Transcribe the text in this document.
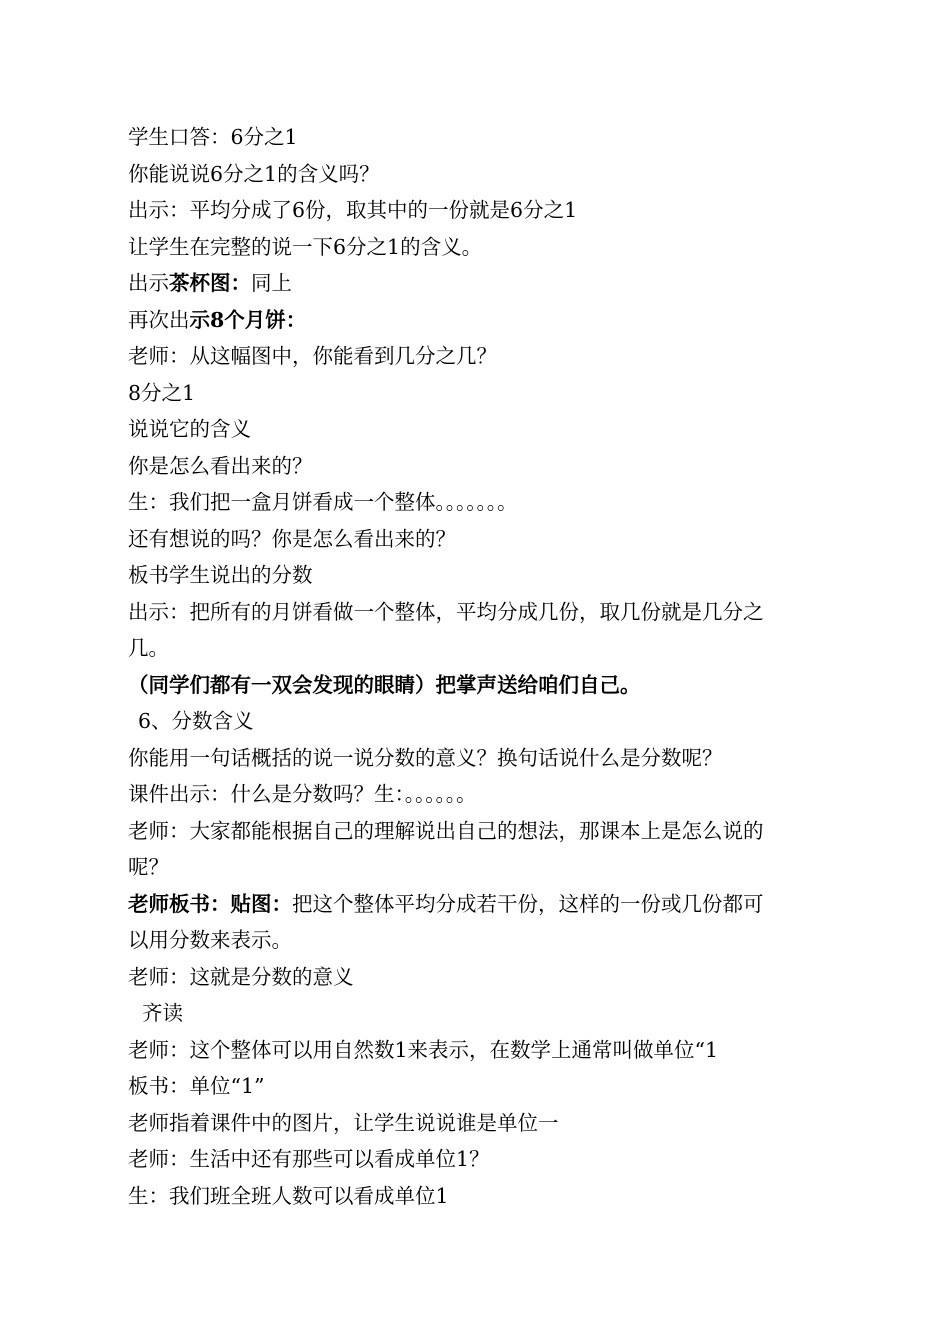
学生口答：6分之1
你能说说6分之1的含义吗？
出示：平均分成了6份，取其中的一份就是6分之1
让学生在完整的说一下6分之1的含义。
出示茶杯图：同上
再次出示8个月饼：
老师：从这幅图中，你能看到几分之几？
8分之1
说说它的含义
你是怎么看出来的？
生：我们把一盒月饼看成一个整体。。。。。。。
还有想说的吗？你是怎么看出来的？
板书学生说出的分数
出示：把所有的月饼看做一个整体，平均分成几份，取几份就是几分之
几。
（同学们都有一双会发现的眼睛）把掌声送给咱们自己。
6、分数含义
你能用一句话概括的说一说分数的意义？换句话说什么是分数呢？
课件出示：什么是分数吗？生：。。。。。。
老师：大家都能根据自己的理解说出自己的想法，那课本上是怎么说的
呢？
老师板书：贴图：把这个整体平均分成若干份，这样的一份或几份都可
以用分数来表示。
老师：这就是分数的意义
齐读
老师：这个整体可以用自然数1来表示，在数学上通常叫做单位“1
板书：单位“1”
老师指着课件中的图片，让学生说说谁是单位一
老师：生活中还有那些可以看成单位1？
生：我们班全班人数可以看成单位1
